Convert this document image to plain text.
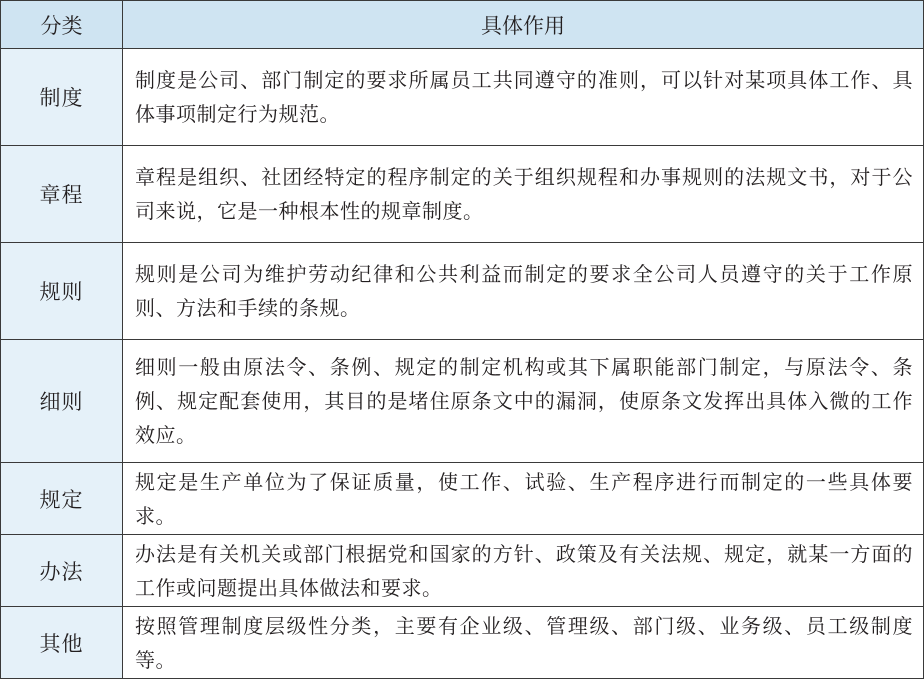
分类	具体作用
制度	制度是公司、部门制定的要求所属员工共同遵守的准则，可以针对某项具体工作、具体事项制定行为规范。
章程	章程是组织、社团经特定的程序制定的关于组织规程和办事规则的法规文书，对于公司来说，它是一种根本性的规章制度。
规则	规则是公司为维护劳动纪律和公共利益而制定的要求全公司人员遵守的关于工作原则、方法和手续的条规。
细则	细则一般由原法令、条例、规定的制定机构或其下属职能部门制定，与原法令、条例、规定配套使用，其目的是堵住原条文中的漏洞，使原条文发挥出具体入微的工作效应。
规定	规定是生产单位为了保证质量，使工作、试验、生产程序进行而制定的一些具体要求。
办法	办法是有关机关或部门根据党和国家的方针、政策及有关法规、规定，就某一方面的工作或问题提出具体做法和要求。
其他	按照管理制度层级性分类，主要有企业级、管理级、部门级、业务级、员工级制度等。
